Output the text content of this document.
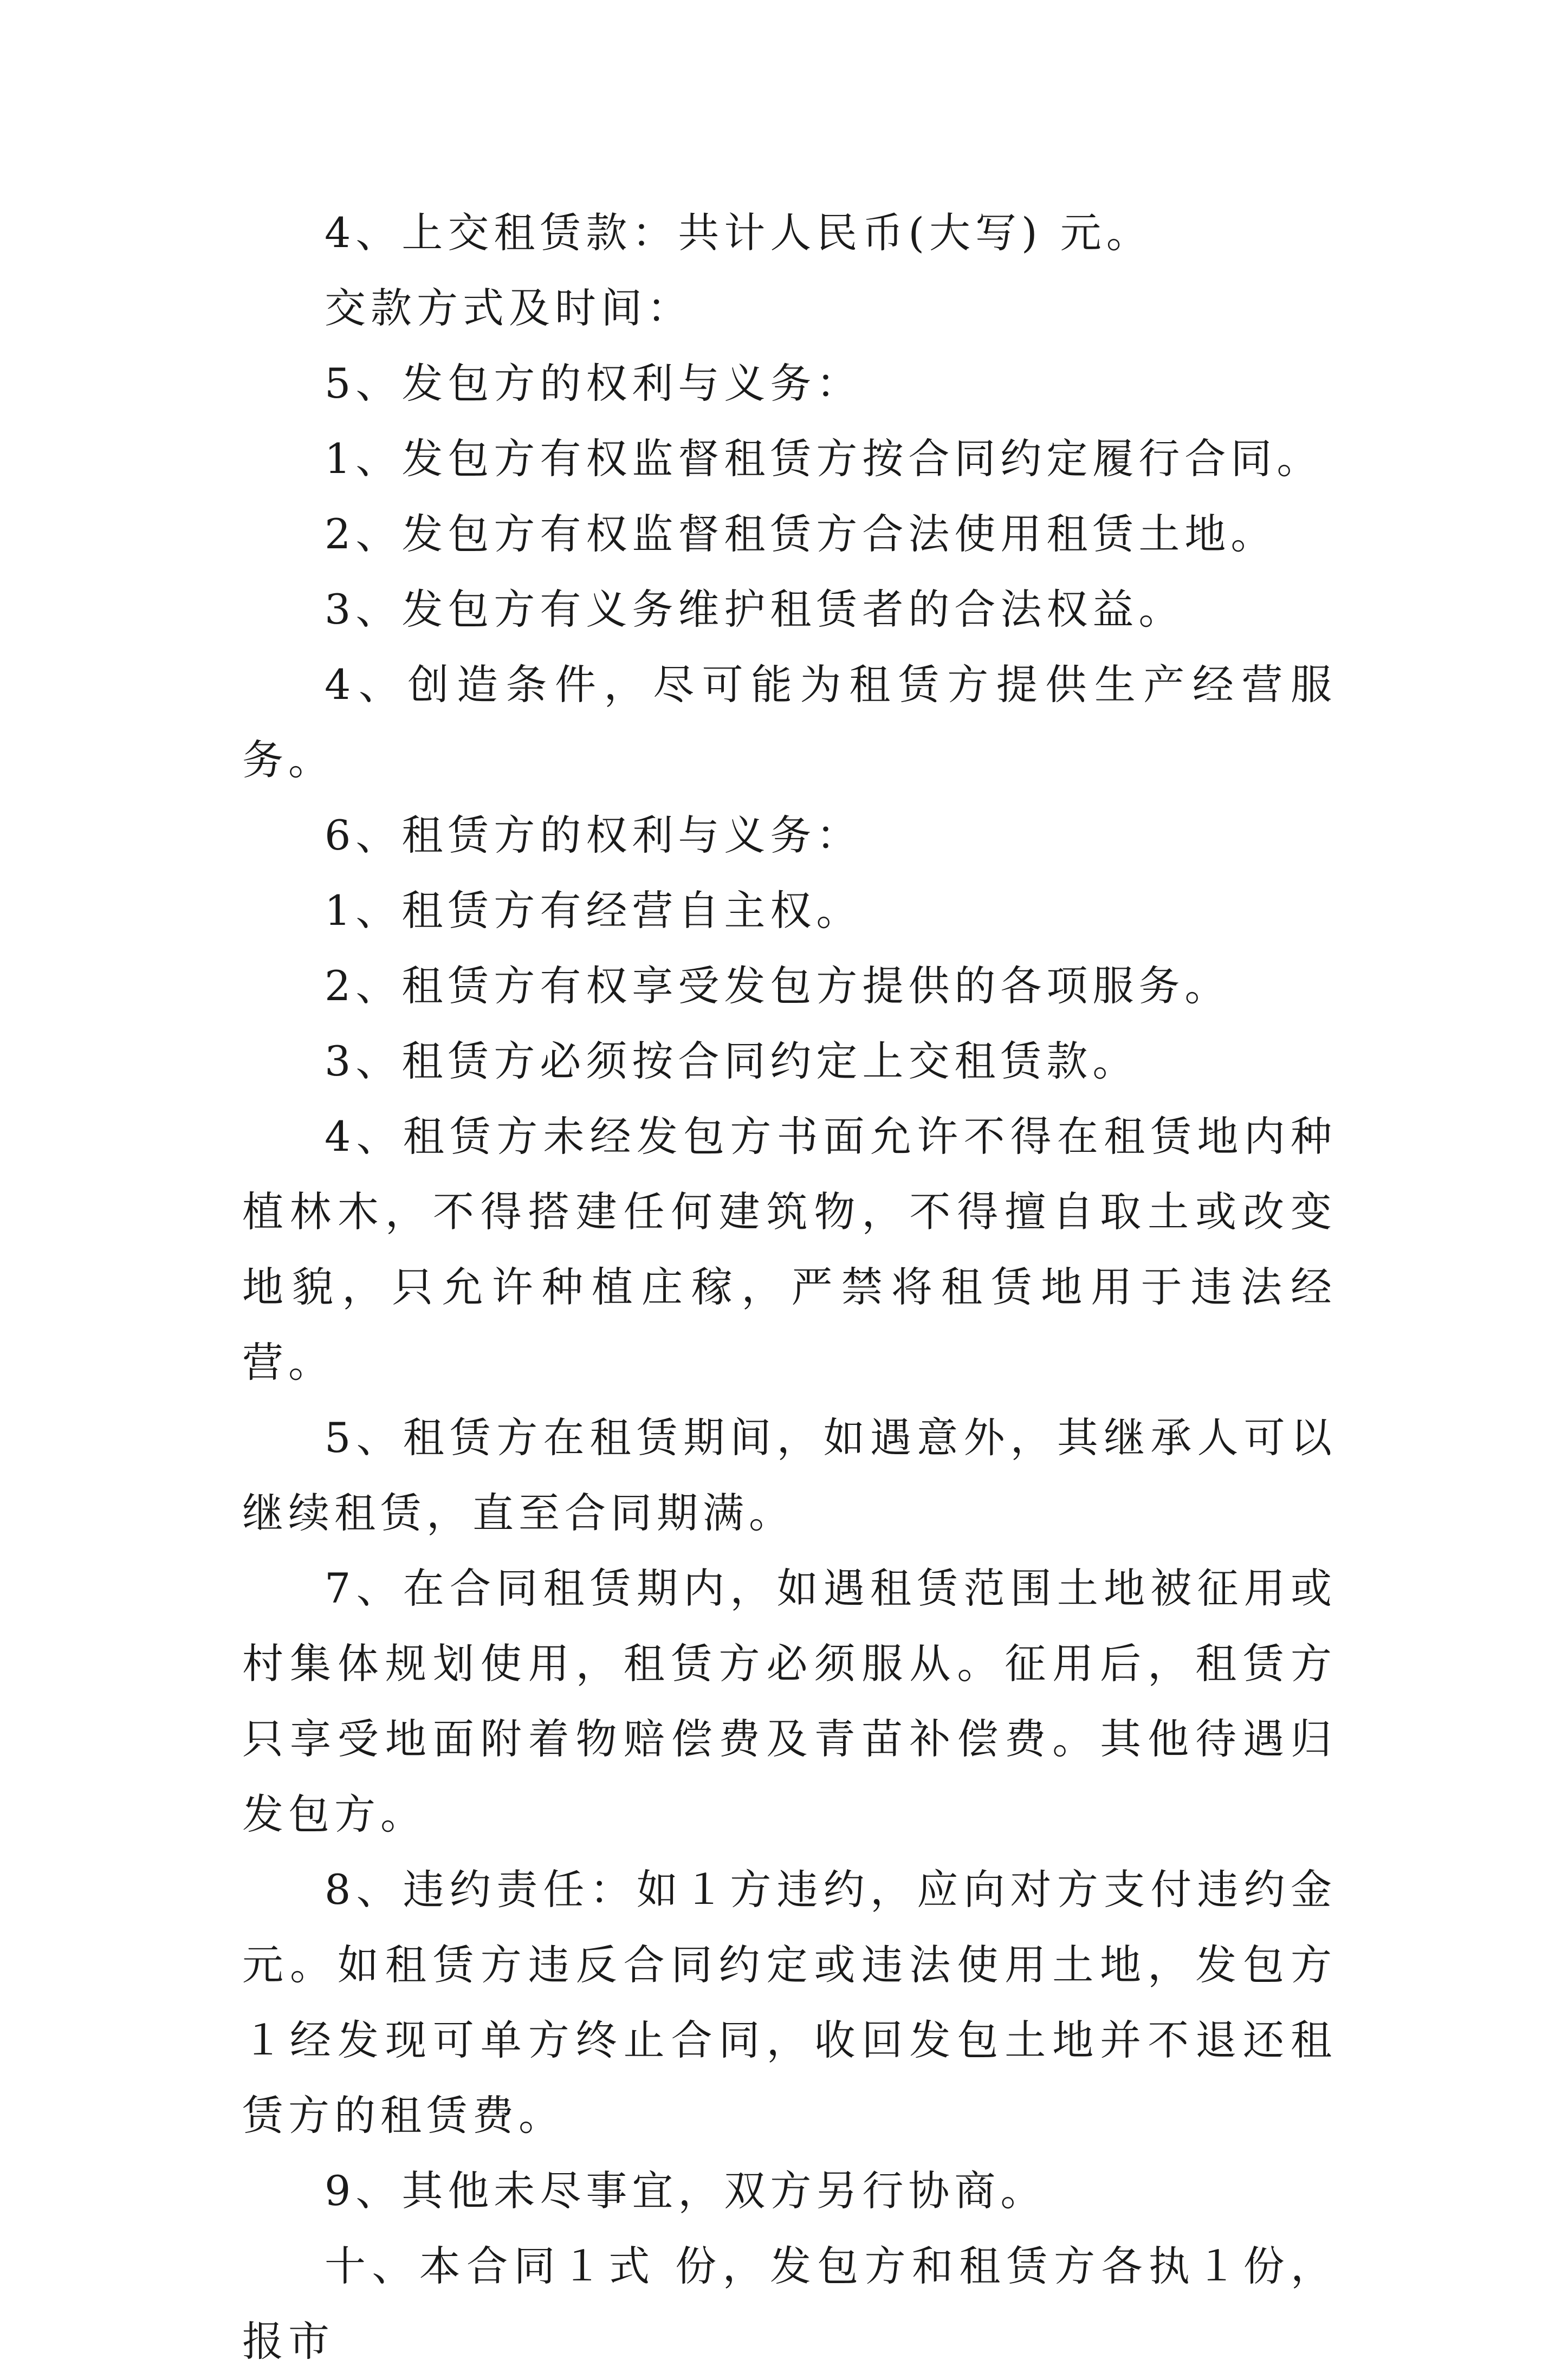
4、上交租赁款：共计人民币(大写) 元。

交款方式及时间：

5、发包方的权利与义务：

1、发包方有权监督租赁方按合同约定履行合同。

2、发包方有权监督租赁方合法使用租赁土地。

3、发包方有义务维护租赁者的合法权益。

4、创造条件，尽可能为租赁方提供生产经营服务。

6、租赁方的权利与义务：

1、租赁方有经营自主权。

2、租赁方有权享受发包方提供的各项服务。

3、租赁方必须按合同约定上交租赁款。

4、租赁方未经发包方书面允许不得在租赁地内种植林木，不得搭建任何建筑物，不得擅自取土或改变地貌，只允许种植庄稼，严禁将租赁地用于违法经营。

5、租赁方在租赁期间，如遇意外，其继承人可以继续租赁，直至合同期满。

7、在合同租赁期内，如遇租赁范围土地被征用或村集体规划使用，租赁方必须服从。征用后，租赁方只享受地面附着物赔偿费及青苗补偿费。其他待遇归发包方。

8、违约责任：如１方违约，应向对方支付违约金 元。如租赁方违反合同约定或违法使用土地，发包方１经发现可单方终止合同，收回发包土地并不退还租赁方的租赁费。

9、其他未尽事宜，双方另行协商。

十、本合同１式 份，发包方和租赁方各执１份，报市
